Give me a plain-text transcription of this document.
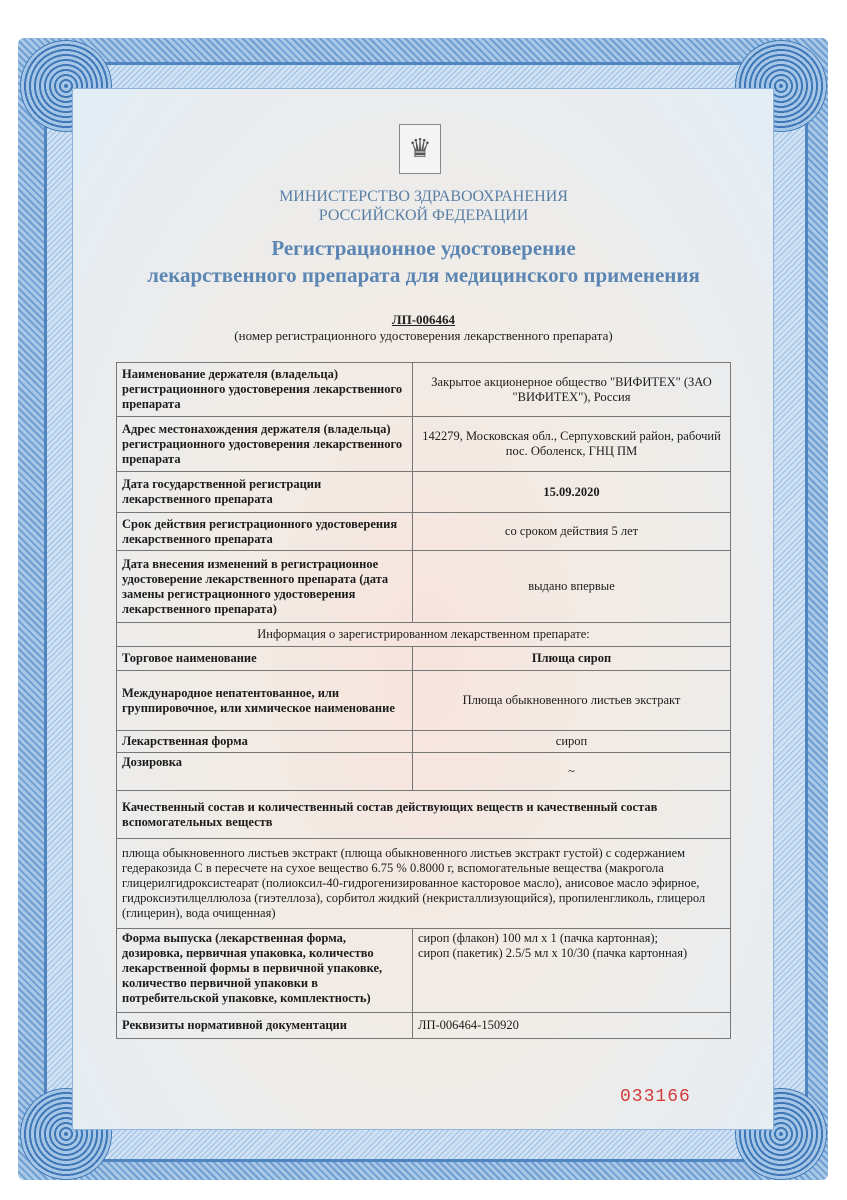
♛
МИНИСТЕРСТВО ЗДРАВООХРАНЕНИЯ
РОССИЙСКОЙ ФЕДЕРАЦИИ
Регистрационное удостоверение
лекарственного препарата для медицинского применения
ЛП-006464
(номер регистрационного удостоверения лекарственного препарата)
Наименование держателя (владельца) регистрационного удостоверения лекарственного препарата	Закрытое акционерное общество "ВИФИТЕХ" (ЗАО "ВИФИТЕХ"), Россия
Адрес местонахождения держателя (владельца) регистрационного удостоверения лекарственного препарата	142279, Московская обл., Серпуховский район, рабочий пос. Оболенск, ГНЦ ПМ
Дата государственной регистрации лекарственного препарата	15.09.2020
Срок действия регистрационного удостоверения лекарственного препарата	со сроком действия 5 лет
Дата внесения изменений в регистрационное удостоверение лекарственного препарата (дата замены регистрационного удостоверения лекарственного препарата)	выдано впервые
Информация о зарегистрированном лекарственном препарате:	
Торговое наименование	Плюща сироп
Международное непатентованное, или группировочное, или химическое наименование	Плюща обыкновенного листьев экстракт
Лекарственная форма	сироп
Дозировка	~
Качественный состав и количественный состав действующих веществ и качественный состав вспомогательных веществ	
плюща обыкновенного листьев экстракт (плюща обыкновенного листьев экстракт густой) с содержанием гедеракозида С в пересчете на сухое вещество 6.75 % 0.8000 г, вспомогательные вещества (макрогола глицерилгидроксистеарат (полиоксил-40-гидрогенизированное касторовое масло), анисовое масло эфирное, гидроксиэтилцеллюлоза (гиэтеллоза), сорбитол жидкий (некристаллизующийся), пропиленгликоль, глицерол (глицерин), вода очищенная)	
Форма выпуска (лекарственная форма, дозировка, первичная упаковка, количество лекарственной формы в первичной упаковке, количество первичной упаковки в потребительской упаковке, комплектность)	сироп (флакон) 100 мл x 1 (пачка картонная);
сироп (пакетик) 2.5/5 мл x 10/30 (пачка картонная)

Реквизиты нормативной документации	ЛП-006464-150920
033166
